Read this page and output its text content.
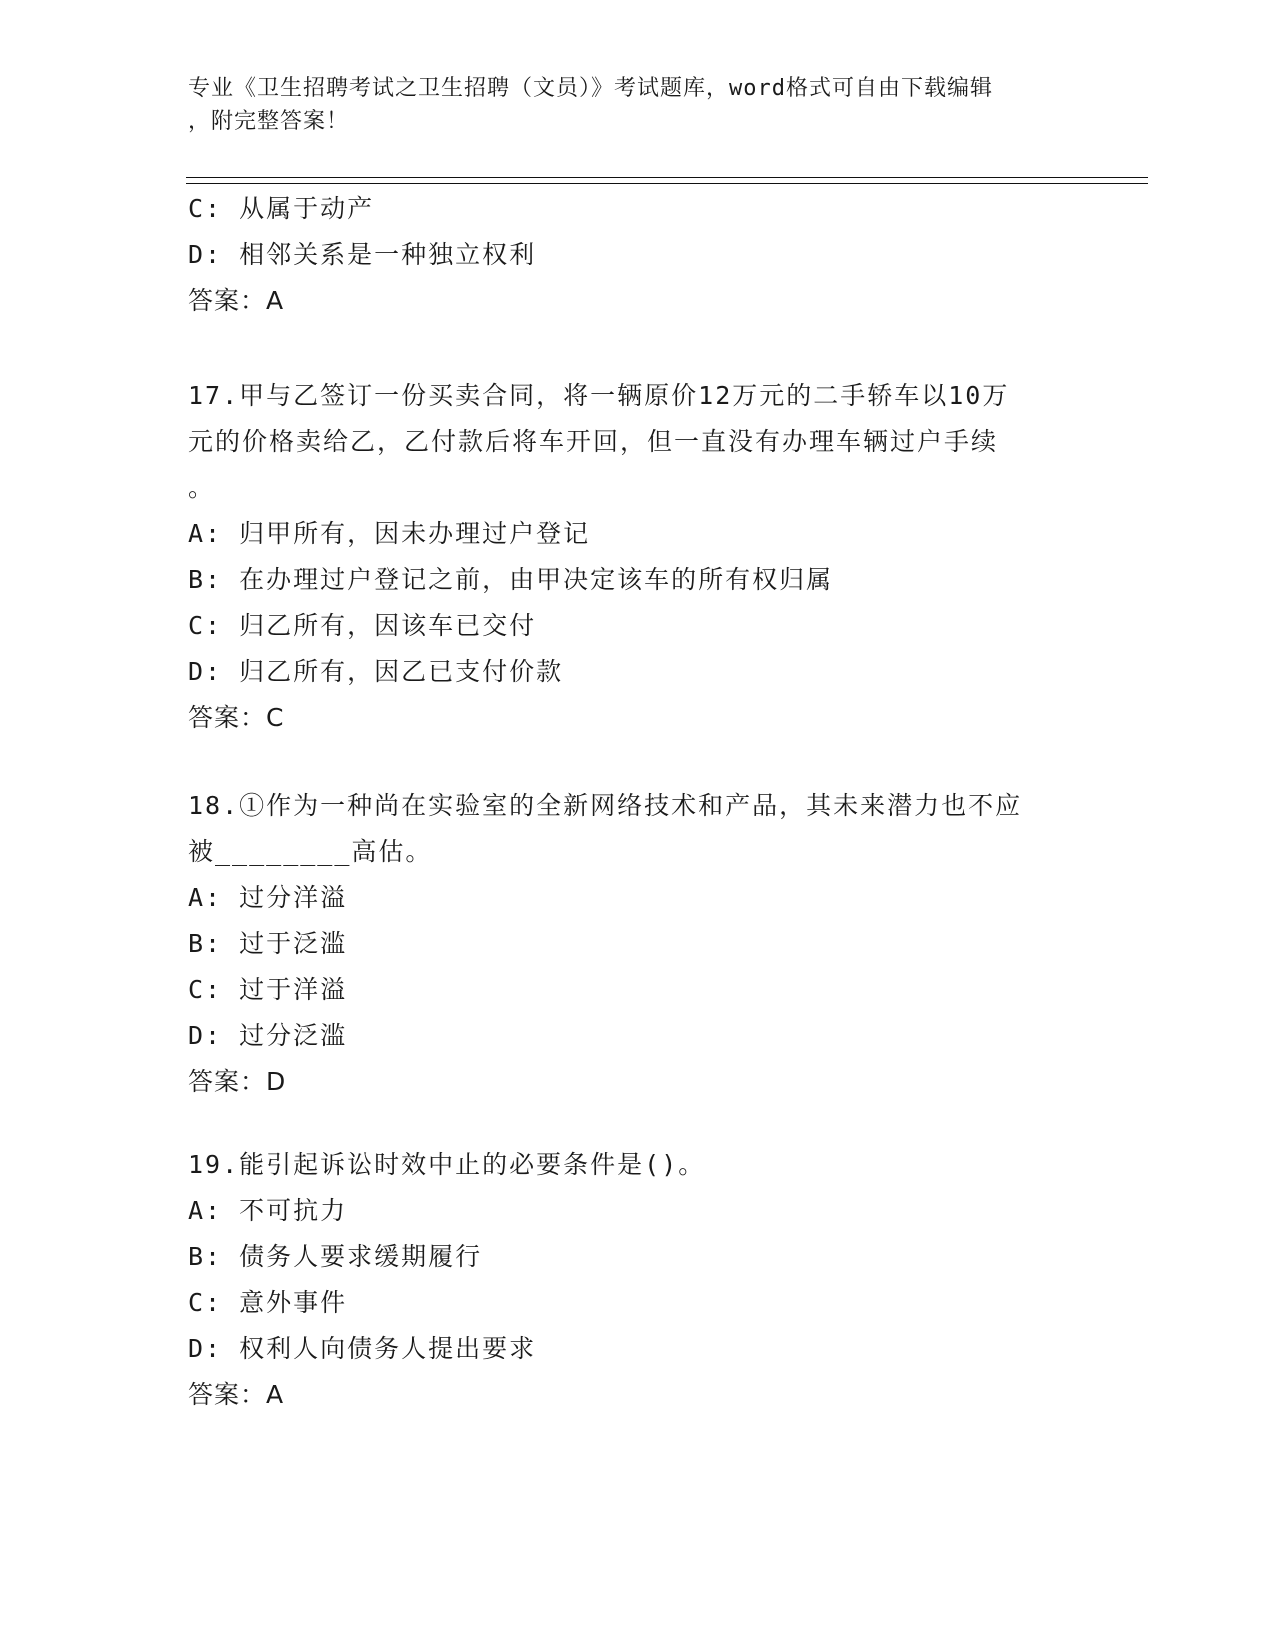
专业《卫生招聘考试之卫生招聘（文员）》考试题库，word格式可自由下载编辑
，附完整答案！
C: 从属于动产
D: 相邻关系是一种独立权利
答案：A
17.甲与乙签订一份买卖合同，将一辆原价12万元的二手轿车以10万
元的价格卖给乙，乙付款后将车开回，但一直没有办理车辆过户手续
。
A: 归甲所有，因未办理过户登记
B: 在办理过户登记之前，由甲决定该车的所有权归属
C: 归乙所有，因该车已交付
D: 归乙所有，因乙已支付价款
答案：C
18.①作为一种尚在实验室的全新网络技术和产品，其未来潜力也不应
被________高估。
A: 过分洋溢
B: 过于泛滥
C: 过于洋溢
D: 过分泛滥
答案：D
19.能引起诉讼时效中止的必要条件是()。
A: 不可抗力
B: 债务人要求缓期履行
C: 意外事件
D: 权利人向债务人提出要求
答案：A
